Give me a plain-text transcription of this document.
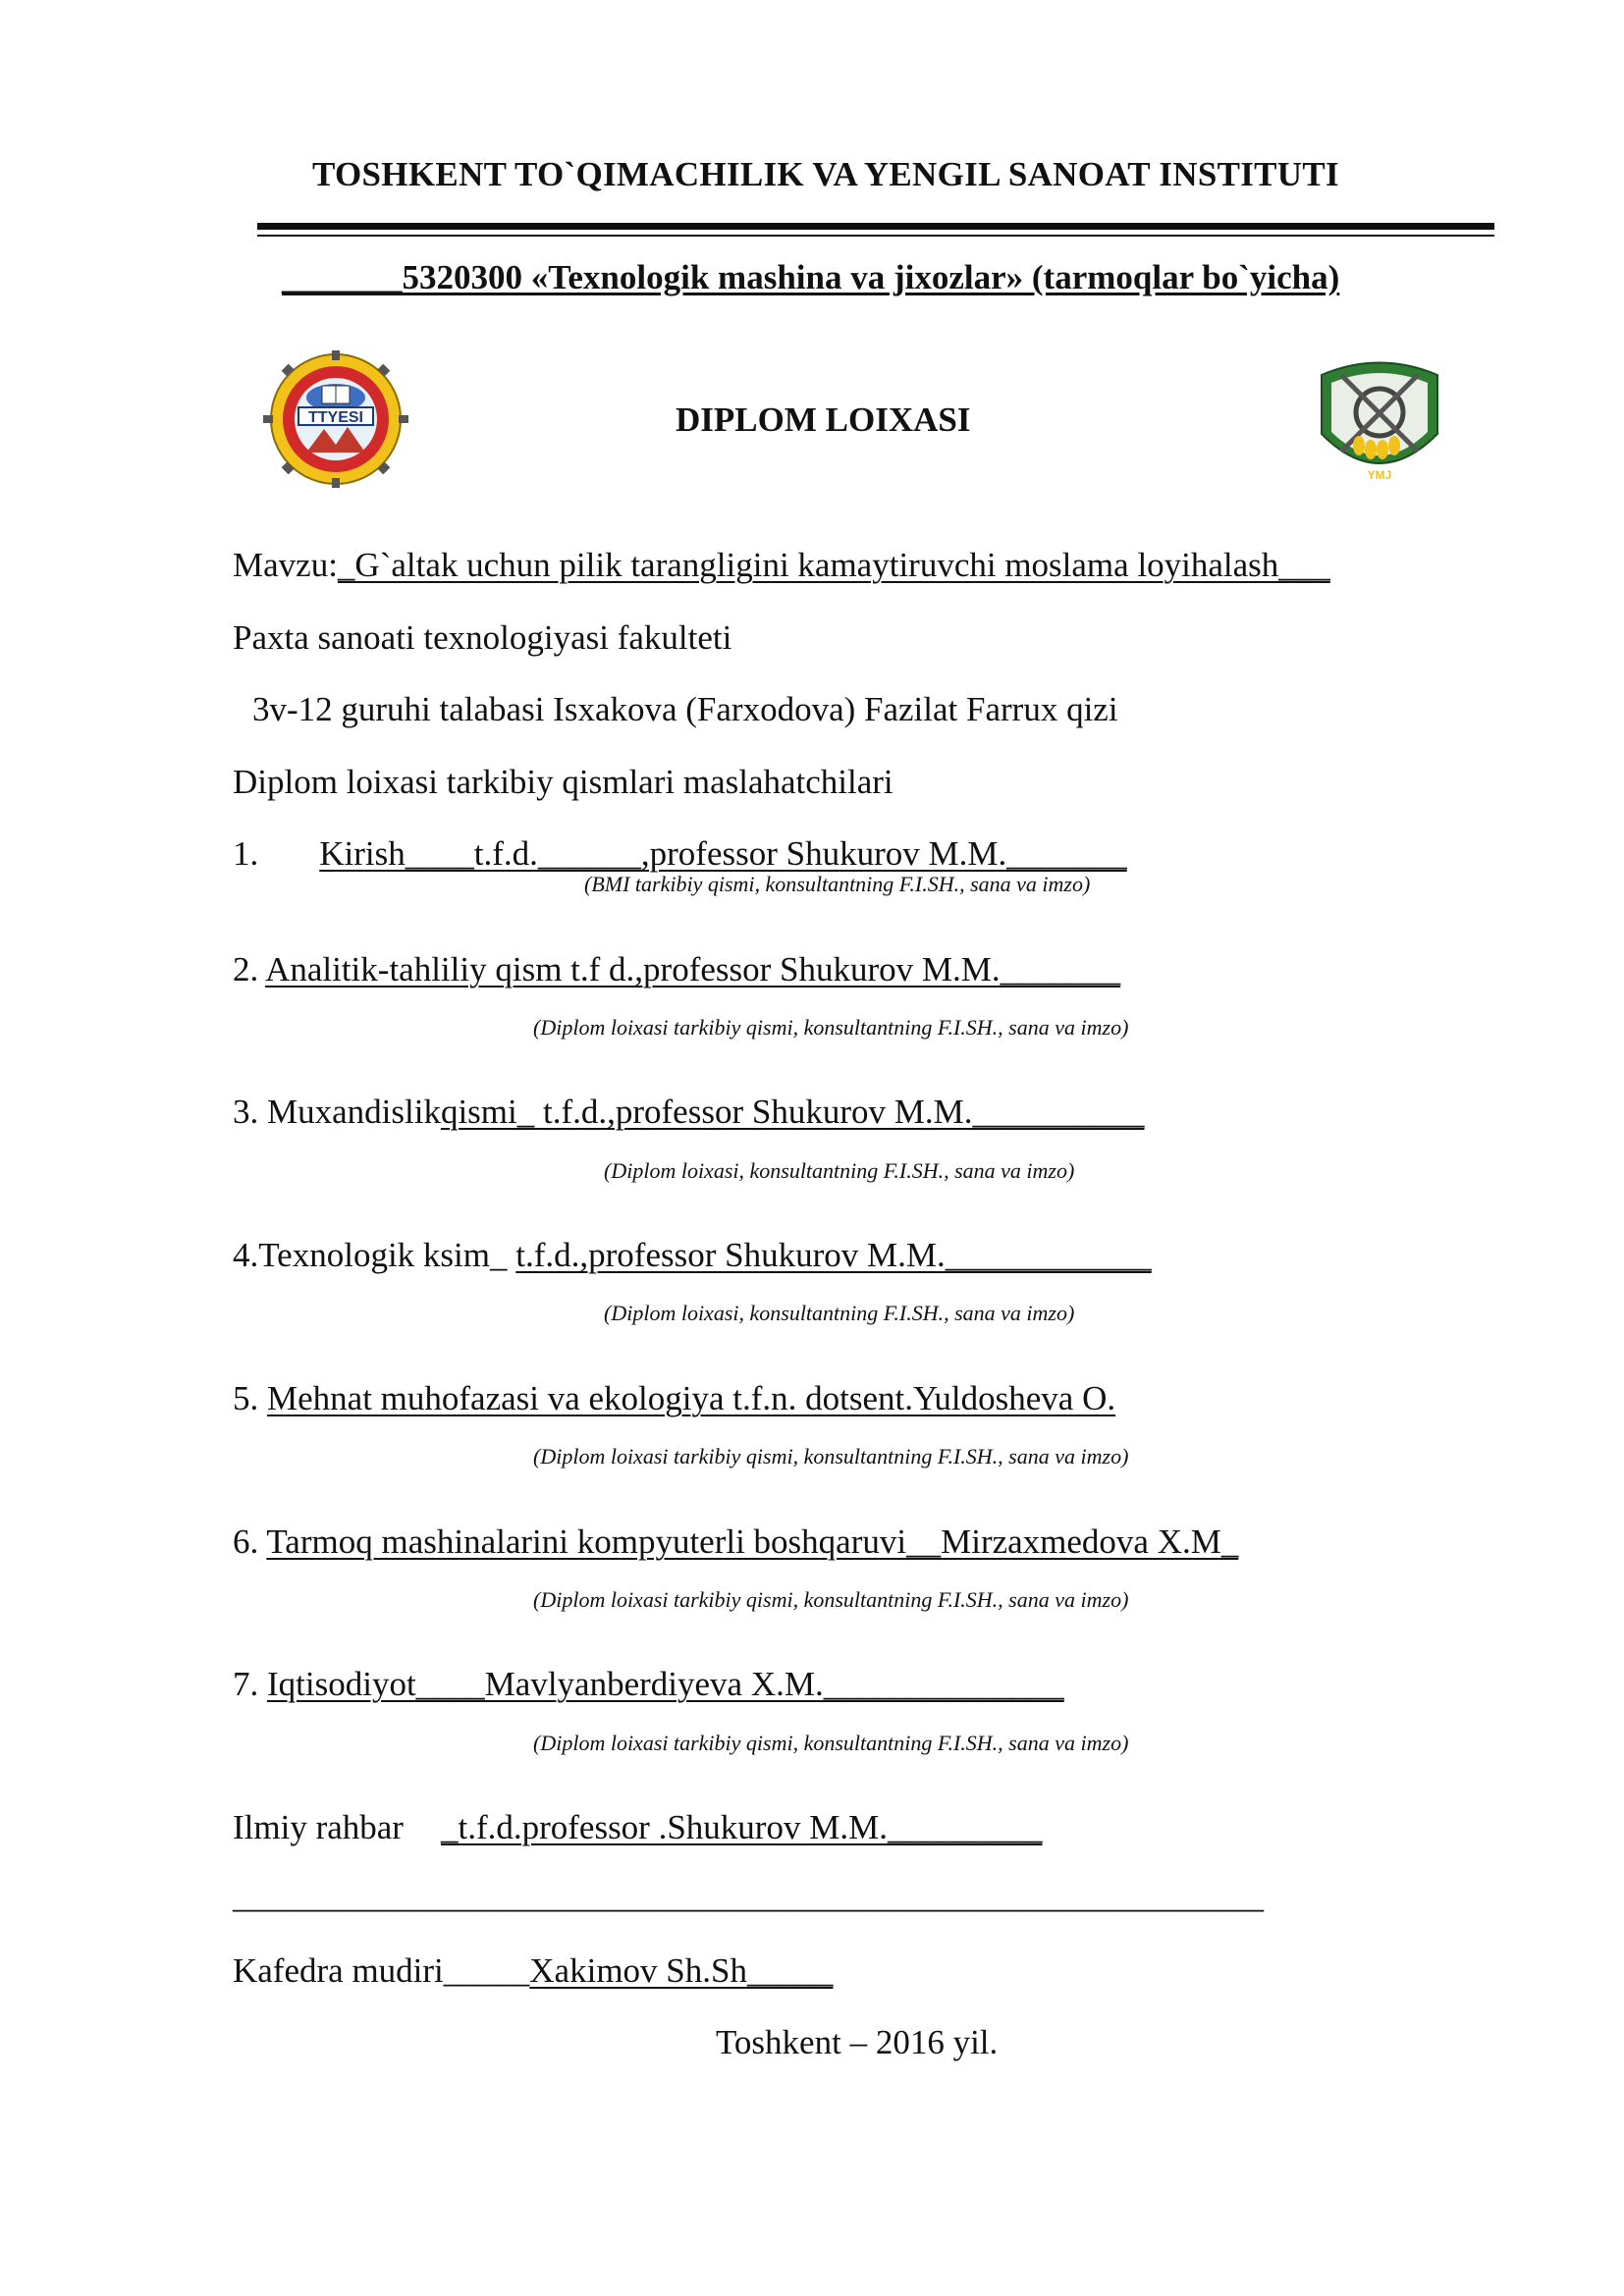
TOSHKENT TO`QIMACHILIK VA YENGIL SANOAT INSTITUTI
_______5320300 «Texnologik mashina va jixozlar» (tarmoqlar bo`yicha)
TTYESI
YMJ
DIPLOM LOIXASI
Mavzu:_G`altak uchun pilik tarangligini kamaytiruvchi moslama loyihalash___
Paxta sanoati texnologiyasi fakulteti
3v-12 guruhi talabasi Isxakova (Farxodova) Fazilat Farrux qizi
Diplom loixasi tarkibiy qismlari maslahatchilari
1. Kirish____t.f.d.______,professor Shukurov M.M._______
(BMI tarkibiy qismi, konsultantning F.I.SH., sana va imzo)
2. Analitik-tahliliy qism t.f d.,professor Shukurov M.M._______
(Diplom loixasi tarkibiy qismi, konsultantning F.I.SH., sana va imzo)
3. Muxandislikqismi_ t.f.d.,professor Shukurov M.M.__________
(Diplom loixasi, konsultantning F.I.SH., sana va imzo)
4.Texnologik ksim_ t.f.d.,professor Shukurov M.M.____________
(Diplom loixasi, konsultantning F.I.SH., sana va imzo)
5. Mehnat muhofazasi va ekologiya t.f.n. dotsent.Yuldosheva O.
(Diplom loixasi tarkibiy qismi, konsultantning F.I.SH., sana va imzo)
6. Tarmoq mashinalarini kompyuterli boshqaruvi__Mirzaxmedova X.M_
(Diplom loixasi tarkibiy qismi, konsultantning F.I.SH., sana va imzo)
7. Iqtisodiyot____Mavlyanberdiyeva X.M.______________
(Diplom loixasi tarkibiy qismi, konsultantning F.I.SH., sana va imzo)
Ilmiy rahbar _t.f.d.professor .Shukurov M.M._________
____________________________________________________________
Kafedra mudiri_____Xakimov Sh.Sh_____
Toshkent – 2016 yil.
